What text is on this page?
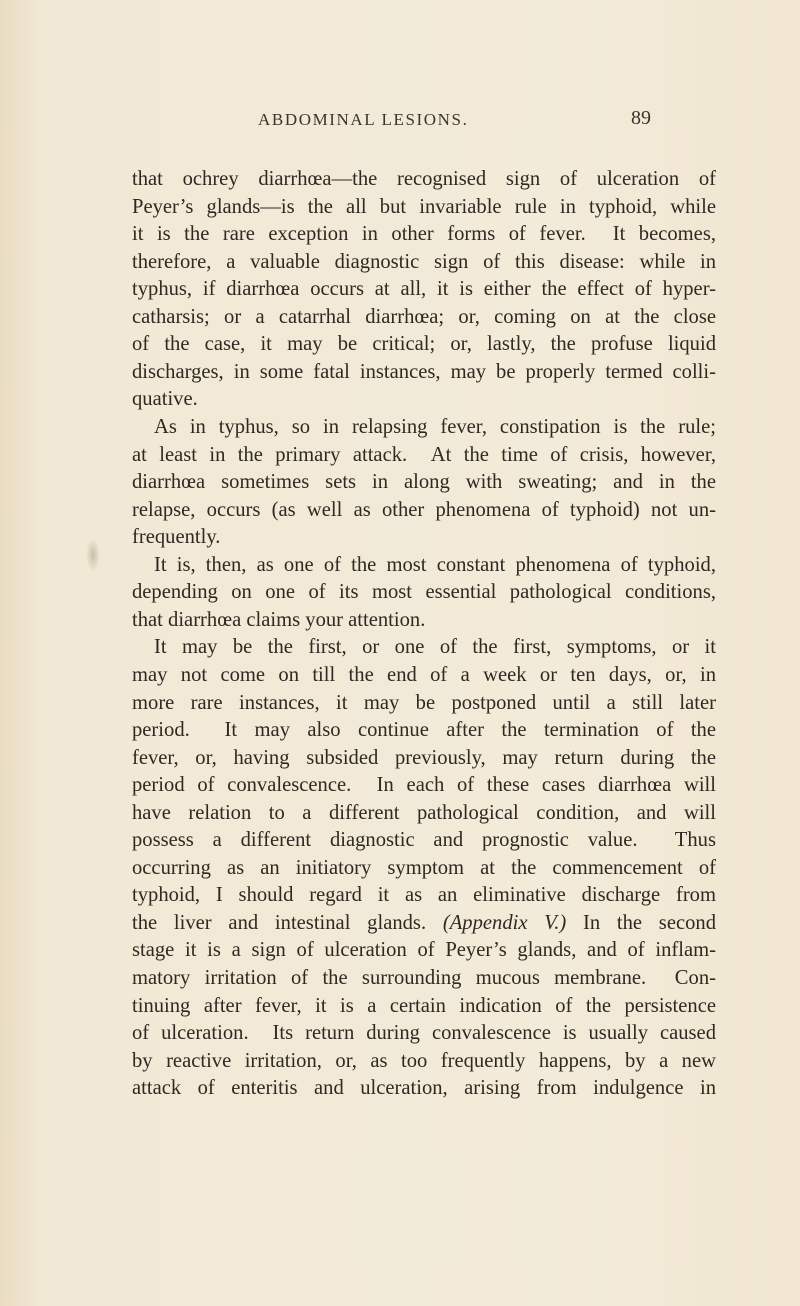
ABDOMINAL LESIONS.	89
that ochrey diarrhœa—the recognised sign of ulceration of
Peyer’s glands—is the all but invariable rule in typhoid, while
it is the rare exception in other forms of fever.  It becomes,
therefore, a valuable diagnostic sign of this disease: while in
typhus, if diarrhœa occurs at all, it is either the effect of hyper-
catharsis; or a catarrhal diarrhœa; or, coming on at the close
of the case, it may be critical; or, lastly, the profuse liquid
discharges, in some fatal instances, may be properly termed colli-
quative.
As in typhus, so in relapsing fever, constipation is the rule;
at least in the primary attack.  At the time of crisis, however,
diarrhœa sometimes sets in along with sweating; and in the
relapse, occurs (as well as other phenomena of typhoid) not un-
frequently.
It is, then, as one of the most constant phenomena of typhoid,
depending on one of its most essential pathological conditions,
that diarrhœa claims your attention.
It may be the first, or one of the first, symptoms, or it
may not come on till the end of a week or ten days, or, in
more rare instances, it may be postponed until a still later
period.  It may also continue after the termination of the
fever, or, having subsided previously, may return during the
period of convalescence.  In each of these cases diarrhœa will
have relation to a different pathological condition, and will
possess a different diagnostic and prognostic value.  Thus
occurring as an initiatory symptom at the commencement of
typhoid, I should regard it as an eliminative discharge from
the liver and intestinal glands. (Appendix V.) In the second
stage it is a sign of ulceration of Peyer’s glands, and of inflam-
matory irritation of the surrounding mucous membrane.  Con-
tinuing after fever, it is a certain indication of the persistence
of ulceration.  Its return during convalescence is usually caused
by reactive irritation, or, as too frequently happens, by a new
attack of enteritis and ulceration, arising from indulgence in
